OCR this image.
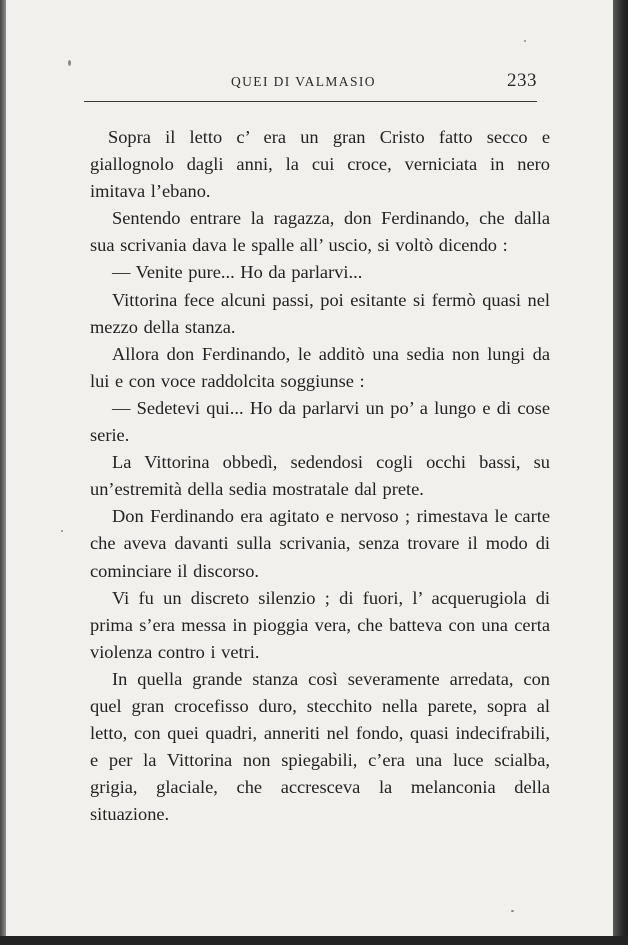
QUEI DI VALMASIO	233

Sopra il letto c’ era un gran Cristo fatto secco e giallognolo dagli anni, la cui croce, verniciata in nero imitava l’ebano.

Sentendo entrare la ragazza, don Ferdinando, che dalla sua scrivania dava le spalle all’ uscio, si voltò dicendo :

— Venite pure... Ho da parlarvi...

Vittorina fece alcuni passi, poi esitante si fermò quasi nel mezzo della stanza.

Allora don Ferdinando, le additò una sedia non lungi da lui e con voce raddolcita soggiunse :

— Sedetevi qui... Ho da parlarvi un po’ a lungo e di cose serie.

La Vittorina obbedì, sedendosi cogli occhi bassi, su un’estremità della sedia mostratale dal prete.

Don Ferdinando era agitato e nervoso ; rimestava le carte che aveva davanti sulla scrivania, senza trovare il modo di cominciare il discorso.

Vi fu un discreto silenzio ; di fuori, l’ acquerugiola di prima s’era messa in pioggia vera, che batteva con una certa violenza contro i vetri.

In quella grande stanza così severamente arredata, con quel gran crocefisso duro, stecchito nella parete, sopra al letto, con quei quadri, anneriti nel fondo, quasi indecifrabili, e per la Vittorina non spiegabili, c’era una luce scialba, grigia, glaciale, che accresceva la melanconia della situazione.
